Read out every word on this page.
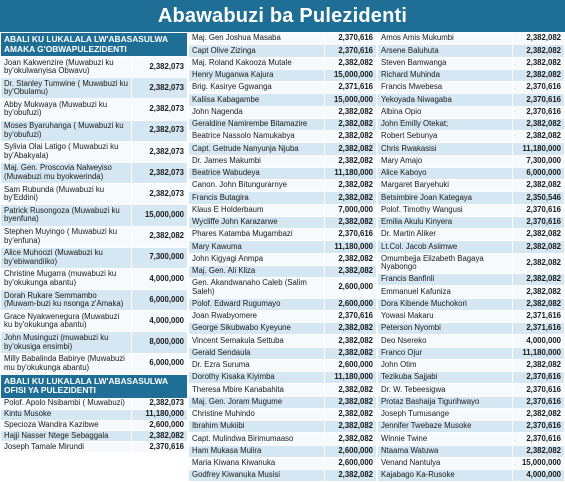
Abawabuzi ba Pulezidenti
ABALI KU LUKALALA LW'ABASASULWA AMAKA G'OBWAPULEZIDENTI
Joan Kakwenzire (Muwabuzi ku by'okulwanyisa Obwavu)	2,382,073
Dr. Stanley Tumwine ( Muwabuzi ku by'Obulamu)	2,382,073
Abby Mukwaya (Muwabuzi ku by'obufuzi)	2,382,073
Moses Byaruhanga ( Muwabuzi ku by'obufuzi)	2,382,073
Sylivia Olai Latigo ( Muwabuzi ku by'Abakyala)	2,382,073
Maj. Gen. Proscovia Nalweyiso (Muwabuzi mu byokwerinda)	2,382,073
Sam Rubunda (Muwabuzi ku by'Eddini)	2,382,073
Patrick Rusongoza (Muwabuzi ku byenfuna)	15,000,000
Stephen Muyingo ( Muwabuzi ku by'enfuna)	2,382,082
Alice Muhoozi (Muwabuzi ku by'ebiwandiiko)	7,300,000
Christine Mugarra (muwabuzi ku by'okukunga abantu)	4,000,000
Dorah Rukare Semmambo (Muwam-buzi ku nsonga z'Amaka)	6,000,000
Grace Nyakwenegura (Muwabuzi ku by'okukunga abantu)	4,000,000
John Musinguzi (muwabuzi ku by'okusiga ensimbi)	8,000,000
Milly Babalinda Babirye (Muwabuzi mu by'okukunga abantu)	6,000,000
ABALI KU LUKALALA LW'ABASASULWA OFISI YA PULEZIDENTI
Polof. Apolo Nsibambi ( Muwabuzi)	2,382,073
Kintu Musoke	11,180,000
Specioza Wandira Kazibwe	2,600,000
Hajji Nasser Ntege Sebaggala	2,382,082
Joseph Tamale Mirundi	2,370,616
Maj. Gen Joshua Masaba	2,370,616
Capt Olive Zizinga	2,370,616
Maj. Roland Kakooza Mutale	2,382,082
Henry Muganwa Kajura	15,000,000
Brig. Kasirye Ggwanga	2,371,616
Kaliisa Kabagambe	15,000,000
John Nagenda	2,382,082
Geraldine Namirembe Bitamazire	2,382,082
Beatrice Nassolo Namukabya	2,382,082
Capt. Getrude Nanyunja Njuba	2,382,082
Dr. James Makumbi	2,382,082
Beatrice Wabudeya	11,180,000
Canon. John Bitungurarnye	2,382,082
Francis Butagira	2,382,082
Klaus E Holderbaum	7,000,000
Wycliffe John Karazarwe	2,382,082
Phares Katamba Mugambazi	2,370,616
Mary Kawuma	11,180,000
John Kigyagi Anmpa	2,382,082
Maj. Gen. Ali Kliza	2,382,082
Gen. Akandwanaho Caleb (Salim Saleh)	2,600,000
Polof. Edward Rugumayo	2,600,000
Joan Rwabyomere	2,370,616
George Sikubwabo Kyeyune	2,382,082
Vincent Semakula Settuba	2,382,082
Gerald Sendaula	2,382,082
Dr. Ezra Suruma	2,600,000
Dorothy Kisaka Kiyimba	11,180,000
Theresa Mbire Kanabahita	2,382,082
Maj. Gen. Joram Mugume	2,382,082
Christine Muhindo	2,382,082
Ibrahim Mukiibi	2,382,082
Capt. Mulindwa Birimumaaso	2,382,082
Ham Mukasa Mulira	2,600,000
Maria Kiwana Kiwanuka	2,600,000
Godfrey Kiwanuka Musisi	2,382,082
Amos Amis Mukumbi	2,382,082
Arsene Baluhuta	2,382,082
Steven Bamwanga	2,382,082
Richard Muhinda	2,382,082
Francis Mwebesa	2,370,616
Yekoyada Niwagaba	2,370,616
Albina Opio	2,370,616
John Emilly Otekat;	2,382,082
Robert Sebunya	2,382,082
Chris Rwakasisi	11,180,000
Mary Amajo	7,300,000
Alice Kaboyo	6,000,000
Margaret Baryehuki	2,382,082
Betsimbire Joan Kategaya	2,350,546
Polof. Timothy Wangusi	2,370,616
Emilia Akulu Kinyera	2,370,616
Dr. Martin Aliker	2,382,082
Lt.Col. Jacob Asiimwe	2,382,082
Omumbejja Elizabeth Bagaya Nyabongo	2,382,082
Francis Banfinli	2,382,082
Emmanuel Kafuniza	2,382,082
Dora Kibende Muchokori	2,382,082
Yowasi Makaru	2,371,616
Peterson Nyombi	2,371,616
Deo Nsereko	4,000,000
Franco Ojur	11,180,000
John Otim	2,382,082
Tezikuba Sajjabi	2,370,616
Dr. W. Tebeesigwa	2,370,616
Protaz Bashaija Tigurihwayo	2,370,616
Joseph Tumusange	2,382,082
Jennifer Twebaze Musoke	2,370,616
Winnie Twine	2,370,616
Ntaama Watuwa	2,382,082
Venand Nantulya	15,000,000
Kajabago Ka-Rusoke	4,000,000
